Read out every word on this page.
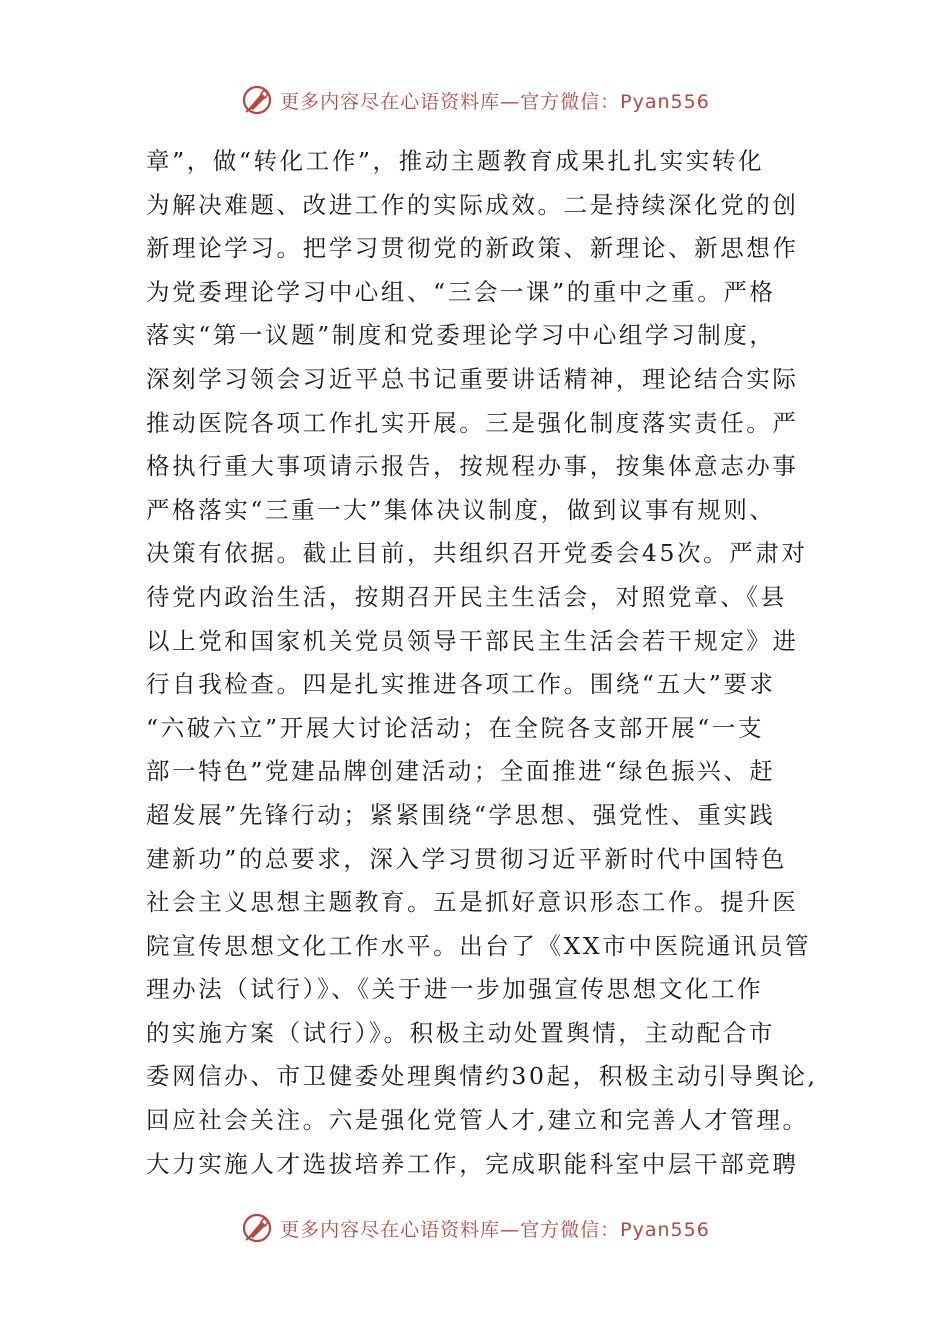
更多内容尽在心语资料库—官方微信：Pyan556
章”，做“转化工作”，推动主题教育成果扎扎实实转化
为解决难题、改进工作的实际成效。二是持续深化党的创
新理论学习。把学习贯彻党的新政策、新理论、新思想作
为党委理论学习中心组、“三会一课”的重中之重。严格
落实“第一议题”制度和党委理论学习中心组学习制度，
深刻学习领会习近平总书记重要讲话精神，理论结合实际
推动医院各项工作扎实开展。三是强化制度落实责任。严
格执行重大事项请示报告，按规程办事，按集体意志办事
严格落实“三重一大”集体决议制度，做到议事有规则、
决策有依据。截止目前，共组织召开党委会45次。严肃对
待党内政治生活，按期召开民主生活会，对照党章、《县
以上党和国家机关党员领导干部民主生活会若干规定》进
行自我检查。四是扎实推进各项工作。围绕“五大”要求
“六破六立”开展大讨论活动；在全院各支部开展“一支
部一特色”党建品牌创建活动；全面推进“绿色振兴、赶
超发展”先锋行动；紧紧围绕“学思想、强党性、重实践
建新功”的总要求，深入学习贯彻习近平新时代中国特色
社会主义思想主题教育。五是抓好意识形态工作。提升医
院宣传思想文化工作水平。出台了《XX市中医院通讯员管
理办法（试行）》、《关于进一步加强宣传思想文化工作
的实施方案（试行）》。积极主动处置舆情，主动配合市
委网信办、市卫健委处理舆情约30起，积极主动引导舆论,
回应社会关注。六是强化党管人才,建立和完善人才管理。
大力实施人才选拔培养工作，完成职能科室中层干部竞聘
更多内容尽在心语资料库—官方微信：Pyan556
